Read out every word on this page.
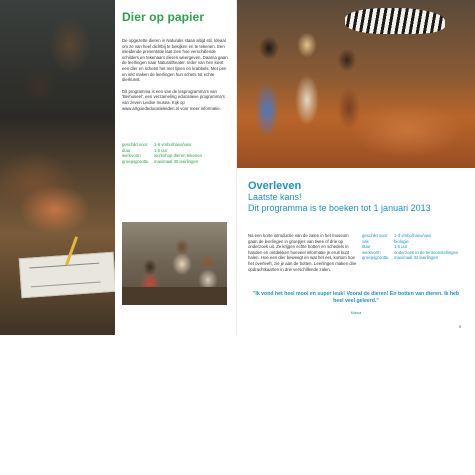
Dier op papier

De opgezette dieren in Naturalis staan altijd stil. Ideaal om ze van heel dichtbij te bekijken en te tekenen. Een inleidende presentatie laat zien hoe verschillende schilders en tekenaars dieren weergeven. Daarna gaan de leerlingen naar Naturaltheater. Ieder van hen kiest een dier en schetst het met lijnen en krabbels. Met pen en inkt maken de leerlingen hun schets tot echte dierkunst.

Dit programma is een van de lesprogramma's van 'Bemuseel', een verzameling educatieve programma's van zeven Leidse musea. Kijk op www.artgoededucatieleiden.nl voor meer informatie.

geschikt voor	1-6 vmbo/havo/vwo
duur	1,5 uur
werkvorm	workshop dieren tekenen
groepsgrootte	maximaal 35 leerlingen
Overleven
Laatste kans!
Dit programma is te boeken tot 1 januari 2013

Na een korte introductie van de zalen in het museum gaan de leerlingen in groepjes van twee of drie op onderzoek uit. Ze krijgen echte botten en schedels in handen en ontdekken hoeveel informatie je eruit kunt halen. Hoe een dier beweegt en wat het eet, kortom hoe het overleeft, zie je aan de botten. Leerlingen maken drie opdrachtkaarten in drie verschillende zalen.

geschikt voor	1-3 vmbo/havo/vwo
vak	biologie
duur	1,5 uur
werkvorm	onderzoek in de tentoonstellingen
groepsgrootte	maximaal 32 leerlingen
"Ik vond het heel mooi en super leuk! Vooral de dieren! En botten van dieren. Ik heb heel veel geleerd."
Mawa
9
